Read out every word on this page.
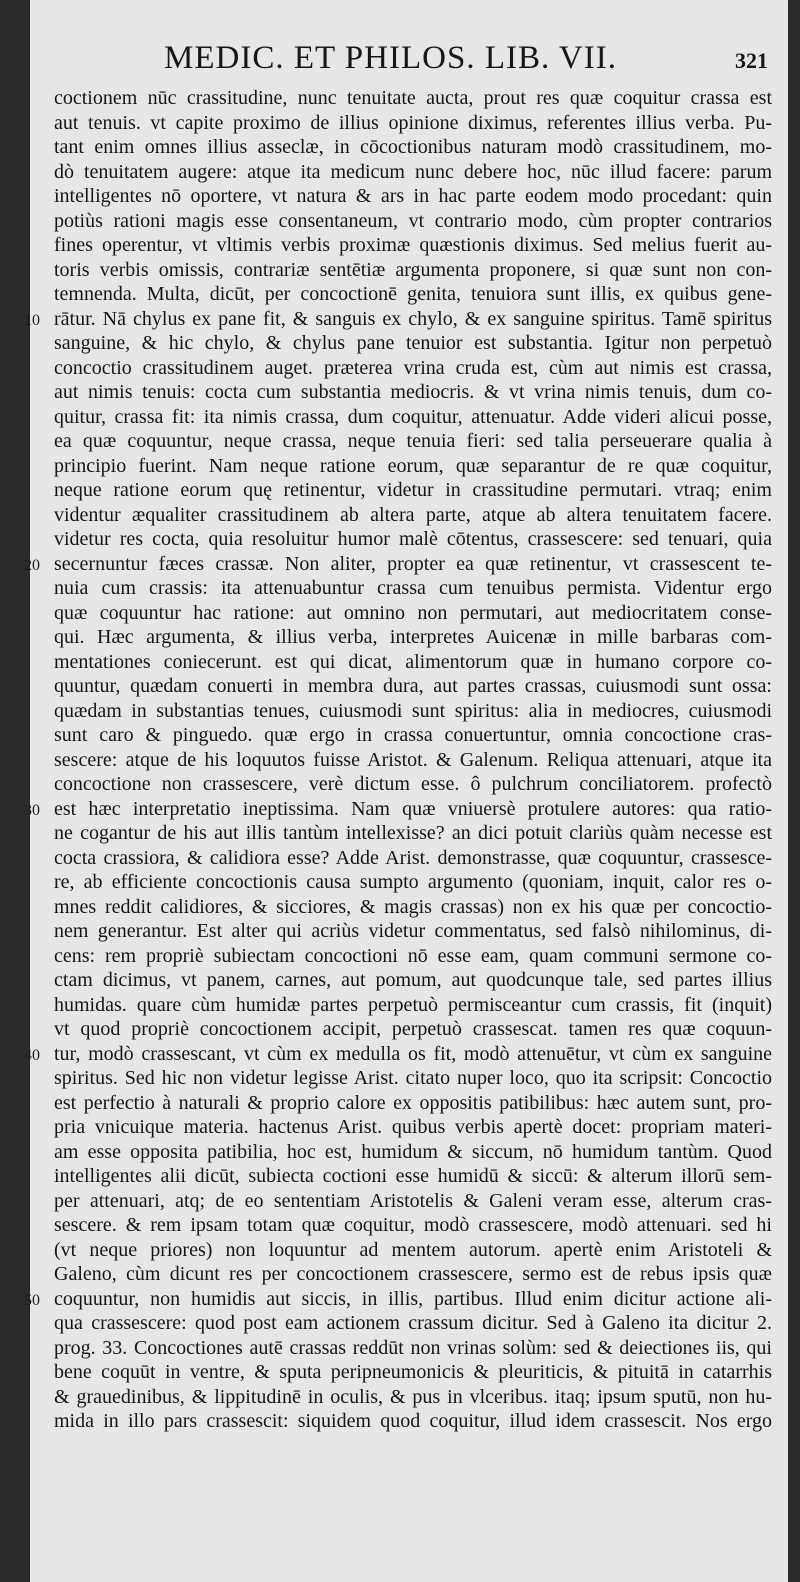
MEDIC. ET PHILOS. LIB. VII.	321
coctionem nūc crassitudine, nunc tenuitate aucta, prout res quæ coquitur crassa est
aut tenuis. vt capite proximo de illius opinione diximus, referentes illius verba. Pu-
tant enim omnes illius asseclæ, in cōcoctionibus naturam modò crassitudinem, mo-
dò tenuitatem augere: atque ita medicum nunc debere hoc, nūc illud facere: parum
intelligentes nō oportere, vt natura & ars in hac parte eodem modo procedant: quin
potiùs rationi magis esse consentaneum, vt contrario modo, cùm propter contrarios
fines operentur, vt vltimis verbis proximæ quæstionis diximus. Sed melius fuerit au-
toris verbis omissis, contrariæ sentētiæ argumenta proponere, si quæ sunt non con-
temnenda. Multa, dicūt, per concoctionē genita, tenuiora sunt illis, ex quibus gene-
rātur. Nā chylus ex pane fit, & sanguis ex chylo, & ex sanguine spiritus. Tamē spiritus
sanguine, & hic chylo, & chylus pane tenuior est substantia. Igitur non perpetuò
concoctio crassitudinem auget. præterea vrina cruda est, cùm aut nimis est crassa,
aut nimis tenuis: cocta cum substantia mediocris. & vt vrina nimis tenuis, dum co-
quitur, crassa fit: ita nimis crassa, dum coquitur, attenuatur. Adde videri alicui posse,
ea quæ coquuntur, neque crassa, neque tenuia fieri: sed talia perseuerare qualia à
principio fuerint. Nam neque ratione eorum, quæ separantur de re quæ coquitur,
neque ratione eorum quę retinentur, videtur in crassitudine permutari. vtraq; enim
videntur æqualiter crassitudinem ab altera parte, atque ab altera tenuitatem facere.
videtur res cocta, quia resoluitur humor malè cōtentus, crassescere: sed tenuari, quia
secernuntur fæces crassæ. Non aliter, propter ea quæ retinentur, vt crassescent te-
nuia cum crassis: ita attenuabuntur crassa cum tenuibus permista. Videntur ergo
quæ coquuntur hac ratione: aut omnino non permutari, aut mediocritatem conse-
qui. Hæc argumenta, & illius verba, interpretes Auicenæ in mille barbaras com-
mentationes coniecerunt. est qui dicat, alimentorum quæ in humano corpore co-
quuntur, quædam conuerti in membra dura, aut partes crassas, cuiusmodi sunt ossa:
quædam in substantias tenues, cuiusmodi sunt spiritus: alia in mediocres, cuiusmodi
sunt caro & pinguedo. quæ ergo in crassa conuertuntur, omnia concoctione cras-
sescere: atque de his loquutos fuisse Aristot. & Galenum. Reliqua attenuari, atque ita
concoctione non crassescere, verè dictum esse. ô pulchrum conciliatorem. profectò
est hæc interpretatio ineptissima. Nam quæ vniuersè protulere autores: qua ratio-
ne cogantur de his aut illis tantùm intellexisse? an dici potuit clariùs quàm necesse est
cocta crassiora, & calidiora esse? Adde Arist. demonstrasse, quæ coquuntur, crassesce-
re, ab efficiente concoctionis causa sumpto argumento (quoniam, inquit, calor res o-
mnes reddit calidiores, & sicciores, & magis crassas) non ex his quæ per concoctio-
nem generantur. Est alter qui acriùs videtur commentatus, sed falsò nihilominus, di-
cens: rem propriè subiectam concoctioni nō esse eam, quam communi sermone co-
ctam dicimus, vt panem, carnes, aut pomum, aut quodcunque tale, sed partes illius
humidas. quare cùm humidæ partes perpetuò permisceantur cum crassis, fit (inquit)
vt quod propriè concoctionem accipit, perpetuò crassescat. tamen res quæ coquun-
tur, modò crassescant, vt cùm ex medulla os fit, modò attenuētur, vt cùm ex sanguine
spiritus. Sed hic non videtur legisse Arist. citato nuper loco, quo ita scripsit: Concoctio
est perfectio à naturali & proprio calore ex oppositis patibilibus: hæc autem sunt, pro-
pria vnicuique materia. hactenus Arist. quibus verbis apertè docet: propriam materi-
am esse opposita patibilia, hoc est, humidum & siccum, nō humidum tantùm. Quod
intelligentes alii dicūt, subiecta coctioni esse humidū & siccū: & alterum illorū sem-
per attenuari, atq; de eo sententiam Aristotelis & Galeni veram esse, alterum cras-
sescere. & rem ipsam totam quæ coquitur, modò crassescere, modò attenuari. sed hi
(vt neque priores) non loquuntur ad mentem autorum. apertè enim Aristoteli &
Galeno, cùm dicunt res per concoctionem crassescere, sermo est de rebus ipsis quæ
coquuntur, non humidis aut siccis, in illis, partibus. Illud enim dicitur actione ali-
qua crassescere: quod post eam actionem crassum dicitur. Sed à Galeno ita dicitur 2.
prog. 33. Concoctiones autē crassas reddūt non vrinas solùm: sed & deiectiones iis, qui
bene coquūt in ventre, & sputa peripneumonicis & pleuriticis, & pituitā in catarrhis
& grauedinibus, & lippitudinē in oculis, & pus in vlceribus. itaq; ipsum sputū, non hu-
mida in illo pars crassescit: siquidem quod coquitur, illud idem crassescit. Nos ergo
10
20
30
40
50
